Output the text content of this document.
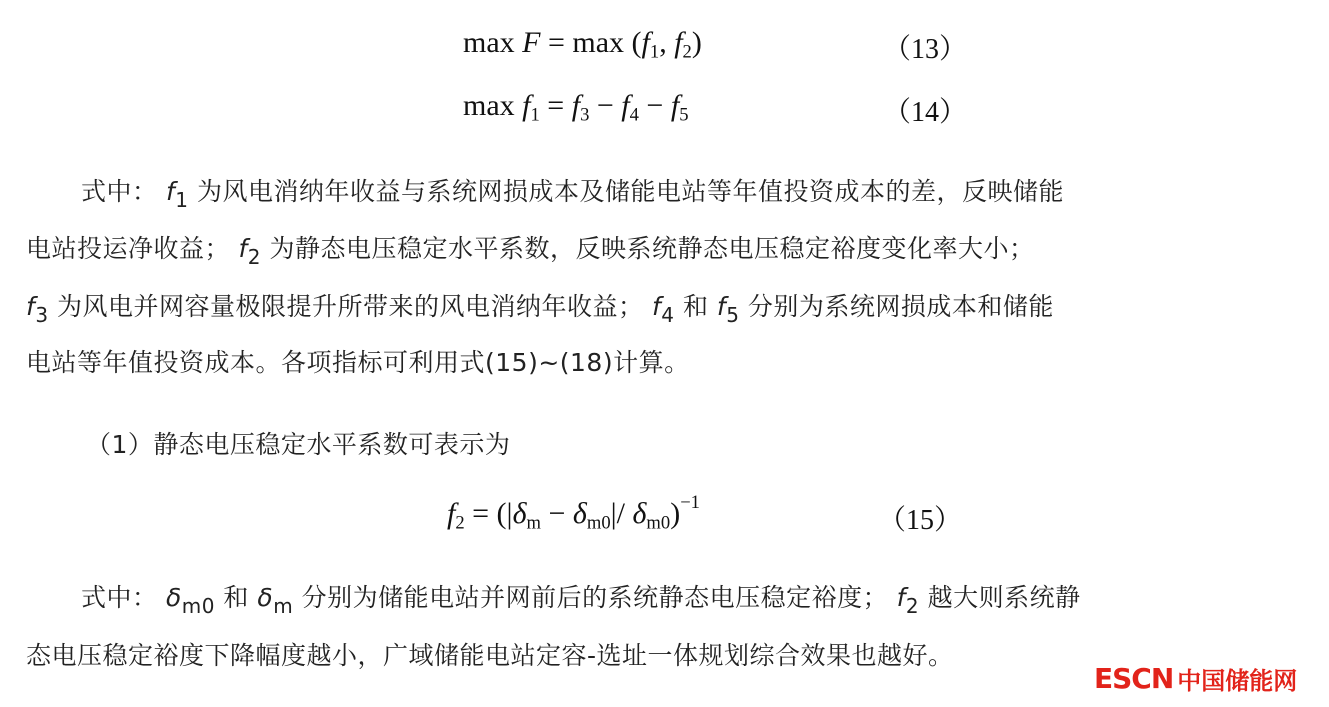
$\max F = \max (f_1$, $f_2$)	（13）
$\max f_1 = f_3 - f_4 - f_5$	（14）
式中： $f_1$ 为风电消纳年收益与系统网损成本及储能电站等年值投资成本的差，反映储能
电站投运净收益； $f_2$ 为静态电压稳定水平系数，反映系统静态电压稳定裕度变化率大小；
$f_3$ 为风电并网容量极限提升所带来的风电消纳年收益； $f_4$ 和 $f_5$ 分别为系统网损成本和储能
电站等年值投资成本。各项指标可利用式(15)~(18)计算。
（1）静态电压稳定水平系数可表示为
$f_2 = (|\delta_m - \delta_{m0}|/$ $\delta_{m0})^{-1}$
（15）
式中： $\delta_{m0}$ 和 $\delta_m$ 分别为储能电站并网前后的系统静态电压稳定裕度； $f_2$ 越大则系统静
态电压稳定裕度下降幅度越小，广域储能电站定容-选址一体规划综合效果也越好。
ESCN 中国储能网
